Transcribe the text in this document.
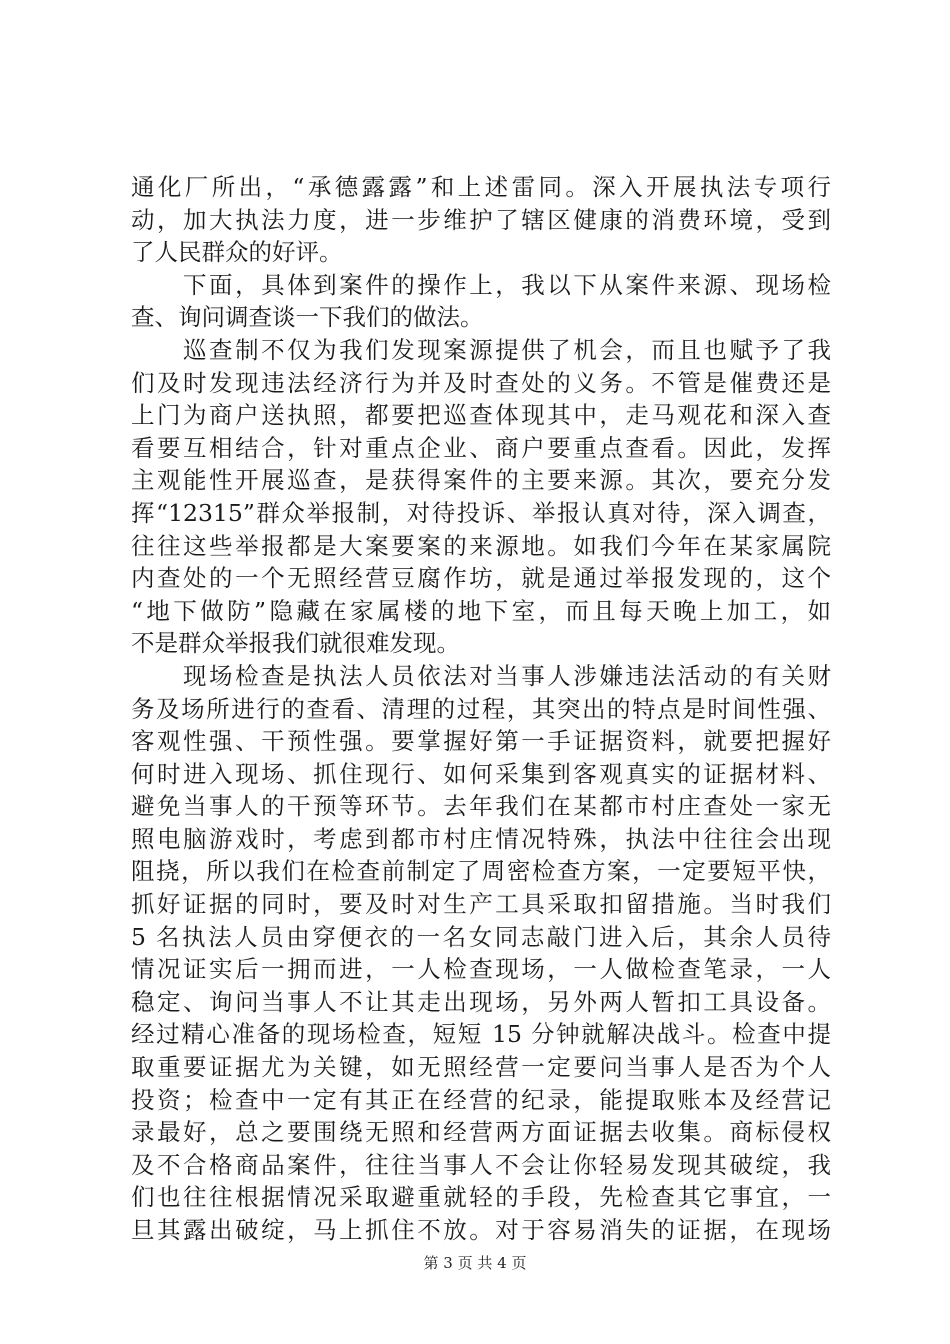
通化厂所出，“承德露露”和上述雷同。深入开展执法专项行
动，加大执法力度，进一步维护了辖区健康的消费环境，受到
了人民群众的好评。
　　下面，具体到案件的操作上，我以下从案件来源、现场检
查、询问调查谈一下我们的做法。
　　巡查制不仅为我们发现案源提供了机会，而且也赋予了我
们及时发现违法经济行为并及时查处的义务。不管是催费还是
上门为商户送执照，都要把巡查体现其中，走马观花和深入查
看要互相结合，针对重点企业、商户要重点查看。因此，发挥
主观能性开展巡查，是获得案件的主要来源。其次，要充分发
挥“12315”群众举报制，对待投诉、举报认真对待，深入调查，
往往这些举报都是大案要案的来源地。如我们今年在某家属院
内查处的一个无照经营豆腐作坊，就是通过举报发现的，这个
“地下做防”隐藏在家属楼的地下室，而且每天晚上加工，如
不是群众举报我们就很难发现。
　　现场检查是执法人员依法对当事人涉嫌违法活动的有关财
务及场所进行的查看、清理的过程，其突出的特点是时间性强、
客观性强、干预性强。要掌握好第一手证据资料，就要把握好
何时进入现场、抓住现行、如何采集到客观真实的证据材料、
避免当事人的干预等环节。去年我们在某都市村庄查处一家无
照电脑游戏时，考虑到都市村庄情况特殊，执法中往往会出现
阻挠，所以我们在检查前制定了周密检查方案，一定要短平快，
抓好证据的同时，要及时对生产工具采取扣留措施。当时我们
5 名执法人员由穿便衣的一名女同志敲门进入后，其余人员待
情况证实后一拥而进，一人检查现场，一人做检查笔录，一人
稳定、询问当事人不让其走出现场，另外两人暂扣工具设备。
经过精心准备的现场检查，短短 15 分钟就解决战斗。检查中提
取重要证据尤为关键，如无照经营一定要问当事人是否为个人
投资；检查中一定有其正在经营的纪录，能提取账本及经营记
录最好，总之要围绕无照和经营两方面证据去收集。商标侵权
及不合格商品案件，往往当事人不会让你轻易发现其破绽，我
们也往往根据情况采取避重就轻的手段，先检查其它事宜，一
旦其露出破绽，马上抓住不放。对于容易消失的证据，在现场
第 3 页 共 4 页
